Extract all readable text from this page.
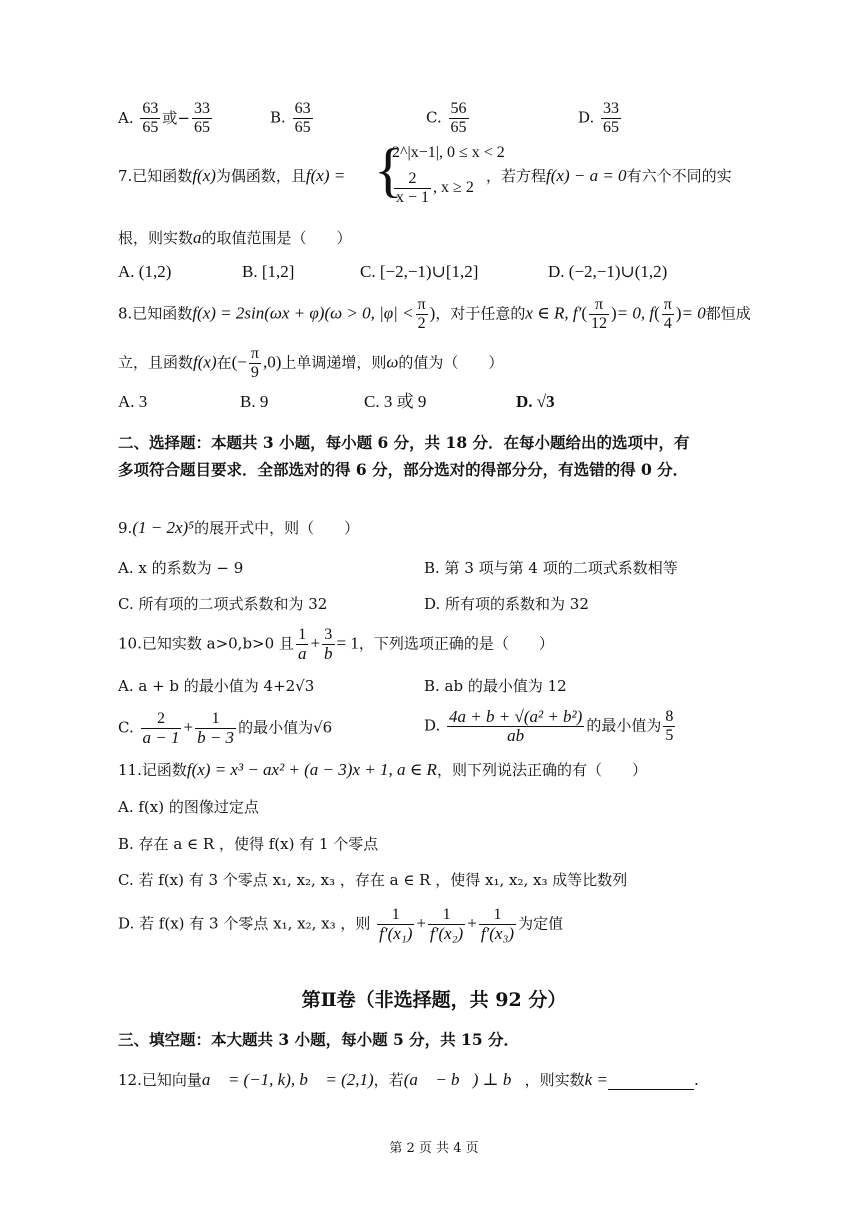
A. $\frac{63}{65}$ 或− $\frac{33}{65}$	B. $\frac{63}{65}$	C. $\frac{56}{65}$	D. $\frac{33}{65}$
7.已知函数f(x)为偶函数，且f(x) = {
2^|x−1|, 0 ≤ x < 2
$\frac{2}{x - 1}$ , x ≥ 2
，若方程f(x) − a = 0有六个不同的实
根，则实数a的取值范围是（　　）
A. (1,2)	B. [1,2]	C. [−2,−1)∪[1,2]	D. (−2,−1)∪(1,2)
8.已知函数f(x) = 2sin(ωx + φ)(ω > 0, $|\varphi| < \frac{\pi}{2}$ )，对于任意的x ∈ R, $f'( \frac{\pi}{12}$ )= 0, $f( \frac{\pi}{4}$ )= 0都恒成
立，且函数f(x)在(− $\frac{\pi}{9} ,0$)上单调递增，则ω的值为（　　）
A. 3	B. 9	C. 3 或 9	D. √3
二、选择题：本题共 3 小题，每小题 6 分，共 18 分．在每小题给出的选项中，有
多项符合题目要求．全部选对的得 6 分，部分选对的得部分分，有选错的得 0 分．
9.(1 − 2x)⁵的展开式中，则（　　）
A. x 的系数为 − 9	B. 第 3 项与第 4 项的二项式系数相等
C. 所有项的二项式系数和为 32	D. 所有项的系数和为 32
10.已知实数 a>0,b>0 且 $\frac{1}{a} + \frac{3}{b} = 1$，下列选项正确的是（　　）
A. a + b 的最小值为 4+2√3	B. ab 的最小值为 12
C. $\frac{2}{a - 1} + \frac{1}{b - 3}$ 的最小值为√6	D. $\frac{\text{4a + b + √(a² + b²)}}{ab}$ 的最小值为 $\frac{8}{5}$
11.记函数f(x) = x³ − ax² + (a − 3)x + 1, a ∈ R，则下列说法正确的有（　　）
A. f(x) 的图像过定点
B. 存在 a ∈ R ，使得 f(x) 有 1 个零点
C. 若 f(x) 有 3 个零点 x₁, x₂, x₃ ，存在 a ∈ R ，使得 x₁, x₂, x₃ 成等比数列
D. 若 f(x) 有 3 个零点 x₁, x₂, x₃ ，则 $\frac{1}{\text{f′(x₁)}} + \frac{1}{\text{f′(x₂)}} + \frac{1}{\text{f′(x₃)}}$ 为定值
第Ⅱ卷（非选择题，共 92 分）
三、填空题：本大题共 3 小题，每小题 5 分，共 15 分．
12.已知向量a⃗ = (−1, k), b⃗ = (2,1)，若(a⃗ − b⃗) ⊥ b⃗，则实数k =	.
第 2 页 共 4 页
